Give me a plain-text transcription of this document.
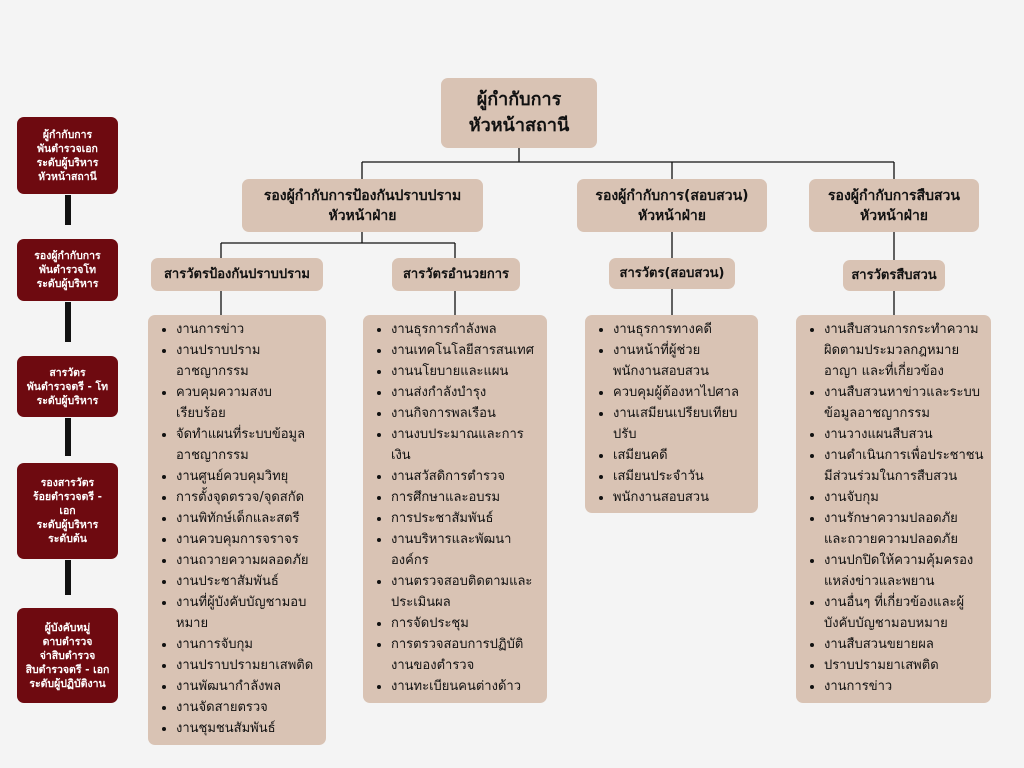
ผู้กำกับการ
พันตำรวจเอก
ระดับผู้บริหาร
หัวหน้าสถานี
รองผู้กำกับการ
พันตำรวจโท
ระดับผู้บริหาร
สารวัตร
พันตำรวจตรี - โท
ระดับผู้บริหาร
รองสารวัตร
ร้อยตำรวจตรี -
เอก
ระดับผู้บริหาร
ระดับต้น
ผู้บังคับหมู่
ดาบตำรวจ
จ่าสิบตำรวจ
สิบตำรวจตรี - เอก
ระดับผู้ปฏิบัติงาน
ผู้กำกับการ
หัวหน้าสถานี
รองผู้กำกับการป้องกันปราบปราม
หัวหน้าฝ่าย
รองผู้กำกับการ(สอบสวน)
หัวหน้าฝ่าย
รองผู้กำกับการสืบสวน
หัวหน้าฝ่าย
สารวัตรป้องกันปราบปราม	สารวัตรอำนวยการ	สารวัตร(สอบสวน)	สารวัตรสืบสวน
• งานการข่าว
• งานปราบปราม อาชญากรรม
• ควบคุมความสงบ เรียบร้อย
• จัดทำแผนที่ระบบข้อมูล อาชญากรรม
• งานศูนย์ควบคุมวิทยุ
• การตั้งจุดตรวจ/จุดสกัด
• งานพิทักษ์เด็กและสตรี
• งานควบคุมการจราจร
• งานถวายความผลอดภัย
• งานประชาสัมพันธ์
• งานที่ผู้บังคับบัญชามอบ หมาย
• งานการจับกุม
• งานปราบปรามยาเสพติด
• งานพัฒนากำลังพล
• งานจัดสายตรวจ
• งานชุมชนสัมพันธ์
• งานธุรการกำลังพล
• งานเทคโนโลยีสารสนเทศ
• งานนโยบายและแผน
• งานส่งกำลังบำรุง
• งานกิจการพลเรือน
• งานงบประมาณและการ เงิน
• งานสวัสดิการตำรวจ
• การศึกษาและอบรม
• การประชาสัมพันธ์
• งานบริหารและพัฒนา องค์กร
• งานตรวจสอบติดตามและ ประเมินผล
• การจัดประชุม
• การตรวจสอบการปฏิบัติ งานของตำรวจ
• งานทะเบียนคนต่างด้าว
• งานธุรการทางคดี
• งานหน้าที่ผู้ช่วย พนักงานสอบสวน
• ควบคุมผู้ต้องหาไปศาล
• งานเสมียนเปรียบเทียบ ปรับ
• เสมียนคดี
• เสมียนประจำวัน
• พนักงานสอบสวน
• งานสืบสวนการกระทำความ ผิดตามประมวลกฎหมาย อาญา และที่เกี่ยวข้อง
• งานสืบสวนหาข่าวและระบบ ข้อมูลอาชญากรรม
• งานวางแผนสืบสวน
• งานดำเนินการเพื่อประชาชน มีส่วนร่วมในการสืบสวน
• งานจับกุม
• งานรักษาความปลอดภัย และถวายความปลอดภัย
• งานปกปิดให้ความคุ้มครอง แหล่งข่าวและพยาน
• งานอื่นๆ ที่เกี่ยวข้องและผู้ บังคับบัญชามอบหมาย
• งานสืบสวนขยายผล
• ปราบปรามยาเสพติด
• งานการข่าว
